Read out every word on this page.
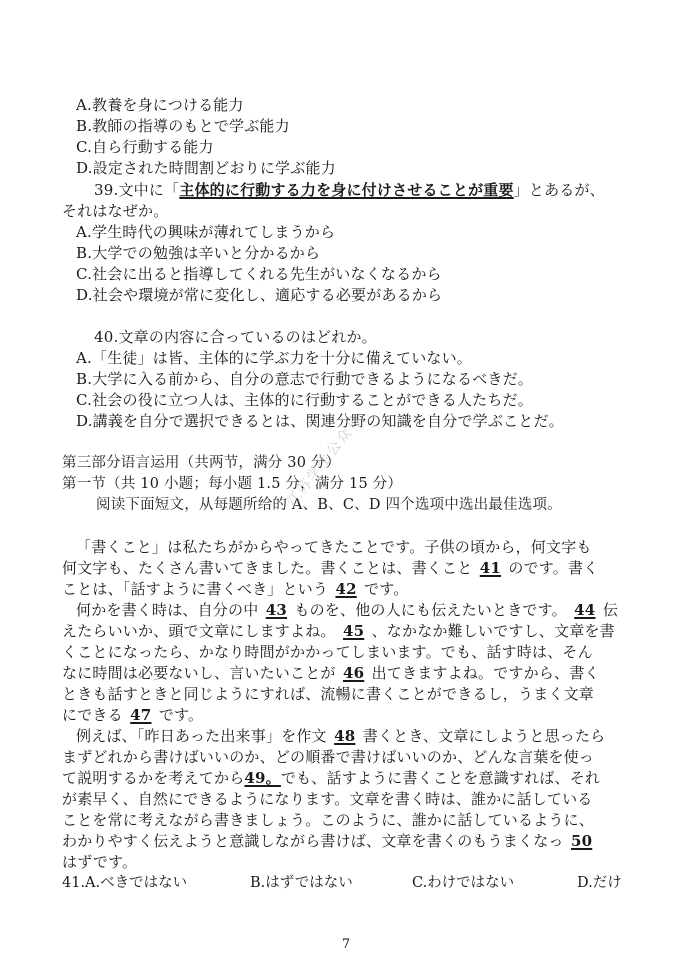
A.教養を身につける能力
B.教師の指導のもとで学ぶ能力
C.自ら行動する能力
D.設定された時間割どおりに学ぶ能力
39.文中に「主体的に行動する力を身に付けさせることが重要」とあるが、
それはなぜか。
A.学生時代の興味が薄れてしまうから
B.大学での勉強は辛いと分かるから
C.社会に出ると指導してくれる先生がいなくなるから
D.社会や環境が常に変化し、適応する必要があるから
40.文章の内容に合っているのはどれか。
A.「生徒」は皆、主体的に学ぶ力を十分に備えていない。
B.大学に入る前から、自分の意志で行動できるようになるべきだ。
C.社会の役に立つ人は、主体的に行動することができる人たちだ。
D.講義を自分で選択できるとは、関連分野の知識を自分で学ぶことだ。
第三部分语言运用（共两节，满分 30 分）
第一节（共 10 小题；每小题 1.5 分，满分 15 分）
阅读下面短文，从每题所给的 A、B、C、D 四个选项中选出最佳选项。
「書くこと」は私たちがからやってきたことです。子供の頃から，何文字も
何文字も、たくさん書いてきました。書くことは、書くこと 41 のです。書く
ことは、「話すように書くべき」という 42 です。
何かを書く時は、自分の中 43 ものを、他の人にも伝えたいときです。 44 伝
えたらいいか、頭で文章にしますよね。 45 、なかなか難しいですし、文章を書
くことになったら、かなり時間がかかってしまいます。でも、話す時は、そん
なに時間は必要ないし、言いたいことが 46 出てきますよね。ですから、書く
ときも話すときと同じようにすれば、流暢に書くことができるし，うまく文章
にできる 47 です。
例えば、「昨日あった出来事」を作文 48 書くとき、文章にしようと思ったら
まずどれから書けばいいのか、どの順番で書けばいいのか、どんな言葉を使っ
て説明するかを考えてから49。でも、話すように書くことを意識すれば、それ
が素早く、自然にできるようになります。文章を書く時は、誰かに話している
ことを常に考えながら書きましょう。このように、誰かに話しているように、
わかりやすく伝えようと意識しながら書けば、文章を書くのもうまくなっ 50
はずです。
41.A.べきではない	B.はずではない	C.わけではない	D.だけ
江苏学生公众号
7
